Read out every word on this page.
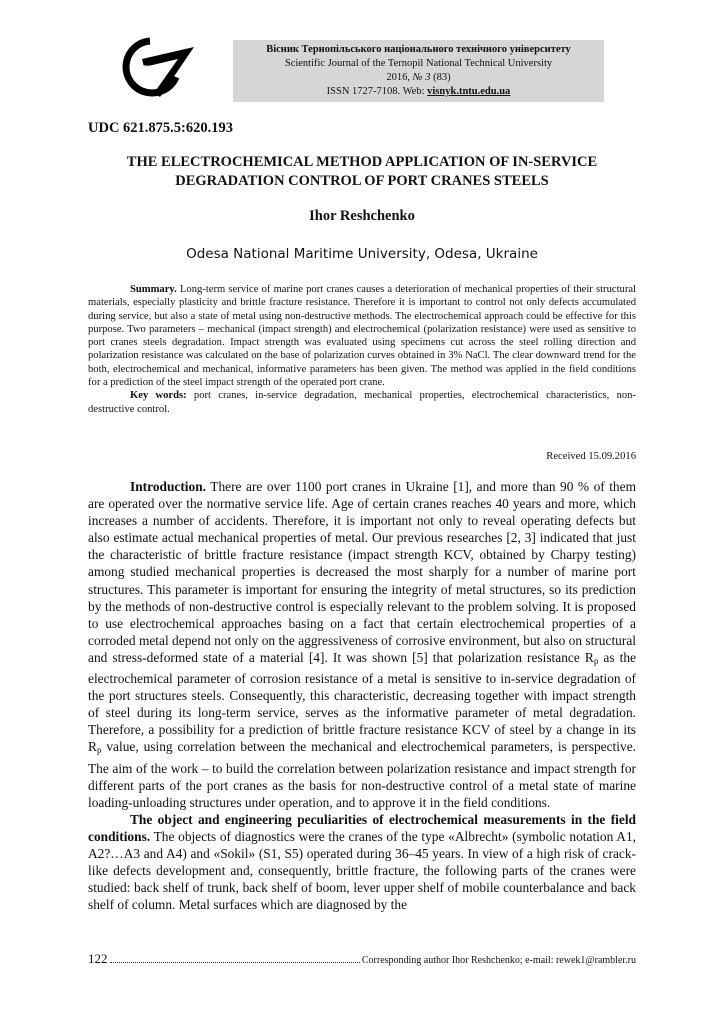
ТНТУ
Вісник Тернопільського національного технічного університету
Scientific Journal of the Ternopil National Technical University
2016, № 3 (83)
ISSN 1727-7108. Web: visnyk.tntu.edu.ua
UDC 621.875.5:620.193
THE ELECTROCHEMICAL METHOD APPLICATION OF IN-SERVICE DEGRADATION CONTROL OF PORT CRANES STEELS
Ihor Reshchenko
Odesa National Maritime University, Odesa, Ukraine

Summary. Long-term service of marine port cranes causes a deterioration of mechanical properties of their structural materials, especially plasticity and brittle fracture resistance. Therefore it is important to control not only defects accumulated during service, but also a state of metal using non-destructive methods. The electrochemical approach could be effective for this purpose. Two parameters – mechanical (impact strength) and electrochemical (polarization resistance) were used as sensitive to port cranes steels degradation. Impact strength was evaluated using specimens cut across the steel rolling direction and polarization resistance was calculated on the base of polarization curves obtained in 3% NaCl. The clear downward trend for the both, electrochemical and mechanical, informative parameters has been given. The method was applied in the field conditions for a prediction of the steel impact strength of the operated port crane.

Key words: port cranes, in-service degradation, mechanical properties, electrochemical characteristics, non-destructive control.

Received 15.09.2016

Introduction. There are over 1100 port cranes in Ukraine [1], and more than 90 % of them are operated over the normative service life. Age of certain cranes reaches 40 years and more, which increases a number of accidents. Therefore, it is important not only to reveal operating defects but also estimate actual mechanical properties of metal. Our previous researches [2, 3] indicated that just the characteristic of brittle fracture resistance (impact strength KCV, obtained by Charpy testing) among studied mechanical properties is decreased the most sharply for a number of marine port structures. This parameter is important for ensuring the integrity of metal structures, so its prediction by the methods of non-destructive control is especially relevant to the problem solving. It is proposed to use electrochemical approaches basing on a fact that certain electrochemical properties of a corroded metal depend not only on the aggressiveness of corrosive environment, but also on structural and stress-deformed state of a material [4]. It was shown [5] that polarization resistance $R_p$ as the electrochemical parameter of corrosion resistance of a metal is sensitive to in-service degradation of the port structures steels. Consequently, this characteristic, decreasing together with impact strength of steel during its long-term service, serves as the informative parameter of metal degradation. Therefore, a possibility for a prediction of brittle fracture resistance KCV of steel by a change in its $R_p$ value, using correlation between the mechanical and electrochemical parameters, is perspective. The aim of the work – to build the correlation between polarization resistance and impact strength for different parts of the port cranes as the basis for non-destructive control of a metal state of marine loading-unloading structures under operation, and to approve it in the field conditions.

The object and engineering peculiarities of electrochemical measurements in the field conditions. The objects of diagnostics were the cranes of the type «Albrecht» (symbolic notation A1, A2?…A3 and A4) and «Sokil» (S1, S5) operated during 36–45 years. In view of a high risk of crack-like defects development and, consequently, brittle fracture, the following parts of the cranes were studied: back shelf of trunk, back shelf of boom, lever upper shelf of mobile counterbalance and back shelf of column. Metal surfaces which are diagnosed by the

122	Corresponding author Ihor Reshchenko; e-mail: rewek1@rambler.ru
